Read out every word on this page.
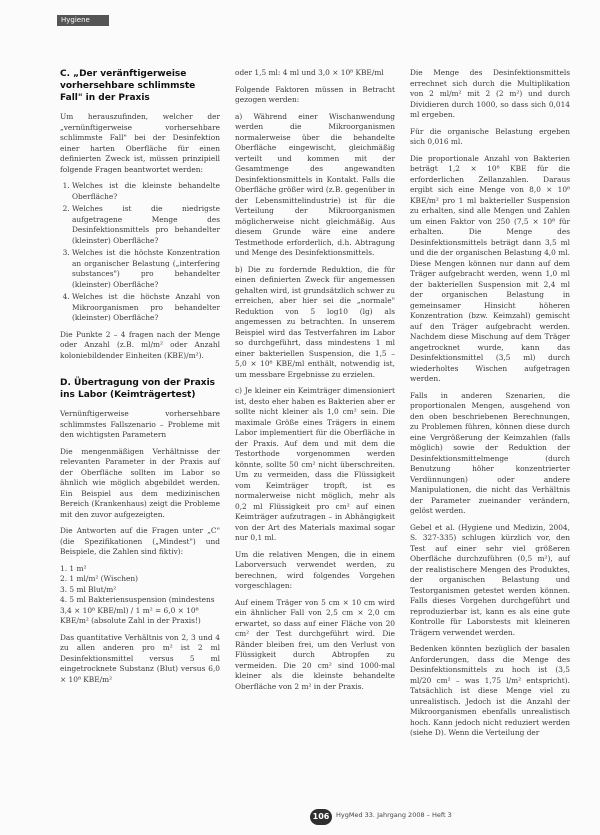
Hygiene
C. „Der veränftigerweise vorhersehbare schlimmste Fall" in der Praxis

Um herauszufinden, welcher der „vernünftigerweise vorhersehbare schlimmste Fall" bei der Desinfektion einer harten Oberfläche für einen definierten Zweck ist, müssen prinzipiell folgende Fragen beantwortet werden:

1. Welches ist die kleinste behandelte Oberfläche?
2. Welches ist die niedrigste aufgetragene Menge des Desinfektionsmittels pro behandelter (kleinster) Oberfläche?
3. Welches ist die höchste Konzentration an organischer Belastung („interfering substances") pro behandelter (kleinster) Oberfläche?
4. Welches ist die höchste Anzahl von Mikroorganismen pro behandelter (kleinster) Oberfläche?

Die Punkte 2 – 4 fragen nach der Menge oder Anzahl (z.B. ml/m² oder Anzahl koloniebildender Einheiten (KBE)/m²).

D. Übertragung von der Praxis ins Labor (Keimträgertest)

Vernünftigerweise vorhersehbare schlimmstes Fallszenario – Probleme mit den wichtigsten Parametern

Die mengenmäßigen Verhältnisse der relevanten Parameter in der Praxis auf der Oberfläche sollten im Labor so ähnlich wie möglich abgebildet werden. Ein Beispiel aus dem medizinischen Bereich (Krankenhaus) zeigt die Probleme mit den zuvor aufgezeigten.

Die Antworten auf die Fragen unter „C" (die Spezifikationen („Mindest") und Beispiele, die Zahlen sind fiktiv):

1. 1 m²
2. 1 ml/m² (Wischen)
3. 5 ml Blut/m²
4. 5 ml Bakteriensuspension (mindestens 3,4 × 10⁸ KBE/ml) / 1 m² = 6,0 × 10⁸ KBE/m² (absolute Zahl in der Praxis!)

Das quantitative Verhältnis von 2, 3 und 4 zu allen anderen pro m² ist 2 ml Desinfektionsmittel versus 5 ml eingetrocknete Substanz (Blut) versus 6,0 × 10⁸ KBE/m²

oder 1,5 ml: 4 ml und 3,0 × 10⁸ KBE/ml

Folgende Faktoren müssen in Betracht gezogen werden:

a) Während einer Wischanwendung werden die Mikroorganismen normalerweise über die behandelte Oberfläche eingewischt, gleichmäßig verteilt und kommen mit der Gesamtmenge des angewandten Desinfektionsmittels in Kontakt. Falls die Oberfläche größer wird (z.B. gegenüber in der Lebensmittelindustrie) ist für die Verteilung der Mikroorganismen möglicherweise nicht gleichmäßig. Aus diesem Grunde wäre eine andere Testmethode erforderlich, d.h. Abtragung und Menge des Desinfektionsmittels.

b) Die zu fordernde Reduktion, die für einen definierten Zweck für angemessen gehalten wird, ist grundsätzlich schwer zu erreichen, aber hier sei die „normale" Reduktion von 5 log10 (lg) als angemessen zu betrachten. In unserem Beispiel wird das Testverfahren im Labor so durchgeführt, dass mindestens 1 ml einer bakteriellen Suspension, die 1,5 – 5,0 × 10⁸ KBE/ml enthält, notwendig ist, um messbare Ergebnisse zu erzielen.

c) Je kleiner ein Keimträger dimensioniert ist, desto eher haben es Bakterien aber er sollte nicht kleiner als 1,0 cm² sein. Die maximale Größe eines Trägers in einem Labor implementiert für die Oberfläche in der Praxis. Auf dem und mit dem die Testorthode vorgenommen werden könnte, sollte 50 cm² nicht überschreiten. Um zu vermeiden, dass die Flüssigkeit vom Keimträger tropft, ist es normalerweise nicht möglich, mehr als 0,2 ml Flüssigkeit pro cm² auf einen Keimträger aufzutragen – in Abhängigkeit von der Art des Materials maximal sogar nur 0,1 ml.

Um die relativen Mengen, die in einem Laborversuch verwendet werden, zu berechnen, wird folgendes Vorgehen vorgeschlagen:

Auf einem Träger von 5 cm × 10 cm wird ein ähnlicher Fall von 2,5 cm × 2,0 cm erwartet, so dass auf einer Fläche von 20 cm² der Test durchgeführt wird. Die Ränder bleiben frei, um den Verlust von Flüssigkeit durch Abtropfen zu vermeiden. Die 20 cm² sind 1000-mal kleiner als die kleinste behandelte Oberfläche von 2 m² in der Praxis.

Die Menge des Desinfektionsmittels errechnet sich durch die Multiplikation von 2 ml/m² mit 2 (2 m²) und durch Dividieren durch 1000, so dass sich 0,014 ml ergeben.

Für die organische Belastung ergeben sich 0,016 ml.

Die proportionale Anzahl von Bakterien beträgt 1,2 × 10⁸ KBE für die erforderlichen Zellanzahlen. Daraus ergibt sich eine Menge von 8,0 × 10⁸ KBE/m² pro 1 ml bakterieller Suspension zu erhalten, sind alle Mengen und Zahlen um einen Faktor von 250 (7,5 × 10⁸ für erhalten. Die Menge des Desinfektionsmittels beträgt dann 3,5 ml und die der organischen Belastung 4,0 ml. Diese Mengen können nur dann auf dem Träger aufgebracht werden, wenn 1,0 ml der bakteriellen Suspension mit 2,4 ml der organischen Belastung in gemeinsamer Hinsicht höheren Konzentration (bzw. Keimzahl) gemischt auf den Träger aufgebracht werden. Nachdem diese Mischung auf dem Träger angetrocknet wurde, kann das Desinfektionsmittel (3,5 ml) durch wiederholtes Wischen aufgetragen werden.

Falls in anderen Szenarien, die proportionalen Mengen, ausgehend von den oben beschriebenen Berechnungen, zu Problemen führen, können diese durch eine Vergrößerung der Keimzahlen (falls möglich) sowie der Reduktion der Desinfektionsmittelmenge (durch Benutzung höher konzentrierter Verdünnungen) oder andere Manipulationen, die nicht das Verhältnis der Parameter zueinander verändern, gelöst werden.

Gebel et al. (Hygiene und Medizin, 2004, S. 327-335) schlugen kürzlich vor, den Test auf einer sehr viel größeren Oberfläche durchzuführen (0,5 m²), auf der realistischere Mengen des Produktes, der organischen Belastung und Testorganismen getestet werden können. Falls dieses Vorgehen durchgeführt und reproduzierbar ist, kann es als eine gute Kontrolle für Laborstests mit kleineren Trägern verwendet werden.

Bedenken könnten bezüglich der basalen Anforderungen, dass die Menge des Desinfektionsmittels zu hoch ist (3,5 ml/20 cm² – was 1,75 l/m² entspricht). Tatsächlich ist diese Menge viel zu unrealistisch. Jedoch ist die Anzahl der Mikroorganismen ebenfalls unrealistisch hoch. Kann jedoch nicht reduziert werden (siehe D). Wenn die Verteilung der

106	HygMed 33. Jahrgang 2008 – Heft 3
